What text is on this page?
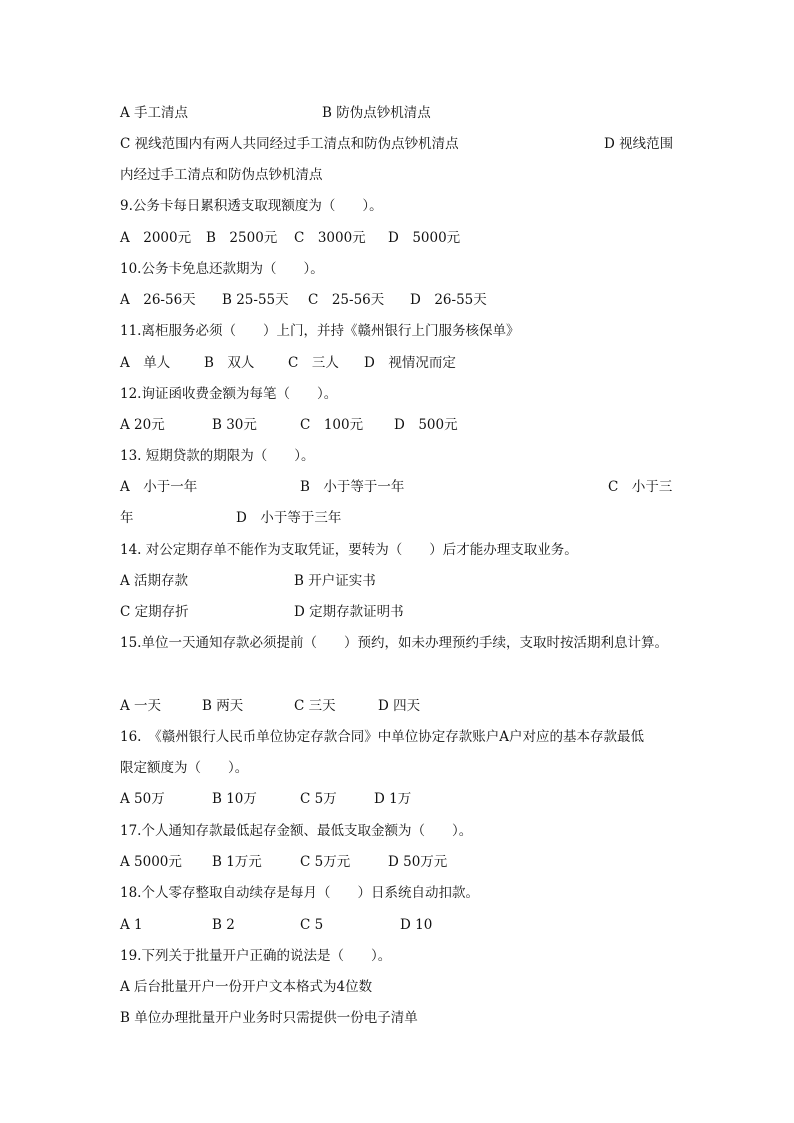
A 手工清点	B 防伪点钞机清点
C 视线范围内有两人共同经过手工清点和防伪点钞机清点	D 视线范围
内经过手工清点和防伪点钞机清点
9.公务卡每日累积透支取现额度为（　　）。
A　2000元 B　2500元 C　3000元 D　5000元
10.公务卡免息还款期为（　　）。
A　26-56天 B 25-55天 C　25-56天 D　26-55天
11.离柜服务必须（　　）上门，并持《赣州银行上门服务核保单》
A　单人	B　双人 C　三人 D　视情况而定
12.询证函收费金额为每笔（　　）。
A 20元	B 30元	C　100元 D　500元
13. 短期贷款的期限为（　　）。
A　小于一年	B　小于等于一年	C　小于三
年	D　小于等于三年
14. 对公定期存单不能作为支取凭证，要转为（　　）后才能办理支取业务。
A 活期存款	B 开户证实书
C 定期存折	D 定期存款证明书
15.单位一天通知存款必须提前（　　）预约，如未办理预约手续，支取时按活期利息计算。
A 一天	B 两天	C 三天	D 四天
16.　《赣州银行人民币单位协定存款合同》中单位协定存款账户A户对应的基本存款最低
限定额度为（　　）。
A 50万	B 10万	C 5万	D 1万
17.个人通知存款最低起存金额、最低支取金额为（　　）。
A 5000元 B 1万元	C 5万元	D 50万元
18.个人零存整取自动续存是每月（　　）日系统自动扣款。
A 1	B 2	C 5	D 10
19.下列关于批量开户正确的说法是（　　）。
A 后台批量开户一份开户文本格式为4位数
B 单位办理批量开户业务时只需提供一份电子清单
